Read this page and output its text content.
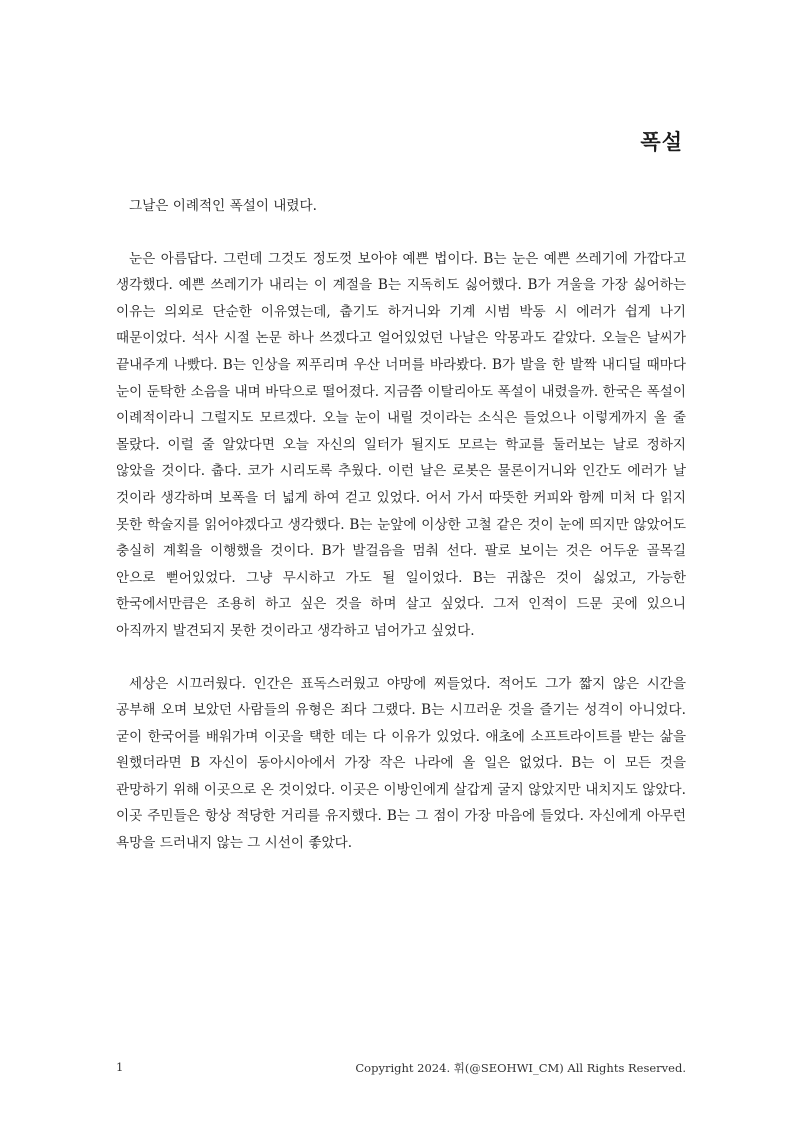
폭설

그날은 이례적인 폭설이 내렸다.

눈은 아름답다. 그런데 그것도 정도껏 보아야 예쁜 법이다. B는 눈은 예쁜 쓰레기에 가깝다고 생각했다. 예쁜 쓰레기가 내리는 이 계절을 B는 지독히도 싫어했다. B가 겨울을 가장 싫어하는 이유는 의외로 단순한 이유였는데, 춥기도 하거니와 기계 시범 박동 시 에러가 쉽게 나기 때문이었다. 석사 시절 논문 하나 쓰겠다고 얼어있었던 나날은 악몽과도 같았다. 오늘은 날씨가 끝내주게 나빴다. B는 인상을 찌푸리며 우산 너머를 바라봤다. B가 발을 한 발짝 내디딜 때마다 눈이 둔탁한 소음을 내며 바닥으로 떨어졌다. 지금쯤 이탈리아도 폭설이 내렸을까. 한국은 폭설이 이례적이라니 그럴지도 모르겠다. 오늘 눈이 내릴 것이라는 소식은 들었으나 이렇게까지 올 줄 몰랐다. 이럴 줄 알았다면 오늘 자신의 일터가 될지도 모르는 학교를 둘러보는 날로 정하지 않았을 것이다. 춥다. 코가 시리도록 추웠다. 이런 날은 로봇은 물론이거니와 인간도 에러가 날 것이라 생각하며 보폭을 더 넓게 하여 걷고 있었다. 어서 가서 따뜻한 커피와 함께 미처 다 읽지 못한 학술지를 읽어야겠다고 생각했다. B는 눈앞에 이상한 고철 같은 것이 눈에 띄지만 않았어도 충실히 계획을 이행했을 것이다. B가 발걸음을 멈춰 선다. 팔로 보이는 것은 어두운 골목길 안으로 뻗어있었다. 그냥 무시하고 가도 될 일이었다. B는 귀찮은 것이 싫었고, 가능한 한국에서만큼은 조용히 하고 싶은 것을 하며 살고 싶었다. 그저 인적이 드문 곳에 있으니 아직까지 발견되지 못한 것이라고 생각하고 넘어가고 싶었다.

세상은 시끄러웠다. 인간은 표독스러웠고 야망에 찌들었다. 적어도 그가 짧지 않은 시간을 공부해 오며 보았던 사람들의 유형은 죄다 그랬다. B는 시끄러운 것을 즐기는 성격이 아니었다. 굳이 한국어를 배워가며 이곳을 택한 데는 다 이유가 있었다. 애초에 소프트라이트를 받는 삶을 원했더라면 B 자신이 동아시아에서 가장 작은 나라에 올 일은 없었다. B는 이 모든 것을 관망하기 위해 이곳으로 온 것이었다. 이곳은 이방인에게 살갑게 굴지 않았지만 내치지도 않았다. 이곳 주민들은 항상 적당한 거리를 유지했다. B는 그 점이 가장 마음에 들었다. 자신에게 아무런 욕망을 드러내지 않는 그 시선이 좋았다.

1	Copyright 2024. 휘(@SEOHWI_CM) All Rights Reserved.
